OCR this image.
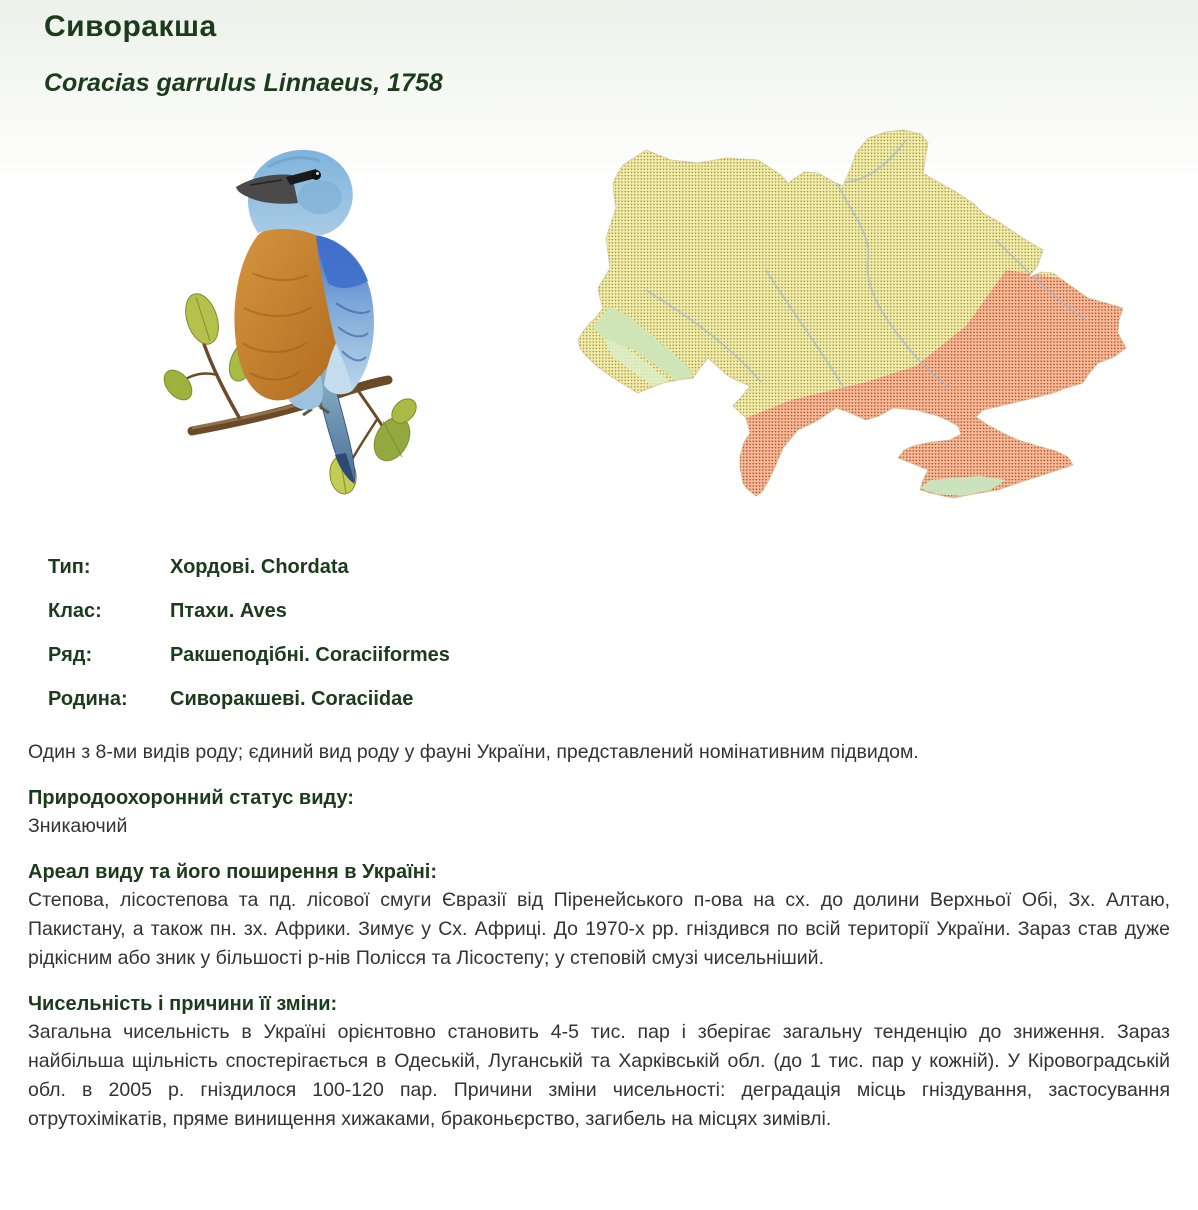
Сиворакша
Coracias garrulus Linnaeus, 1758
Тип:	Хордові. Chordata
Клас:	Птахи. Aves
Ряд:	Ракшеподібні. Coraciiformes
Родина:	Сиворакшеві. Coraciidae

Один з 8-ми видів роду; єдиний вид роду у фауні України, представлений номінативним підвидом.

Природоохоронний статус виду:

Зникаючий

Ареал виду та його поширення в Україні:

Степова, лісостепова та пд. лісової смуги Євразії від Піренейського п-ова на сх. до долини Верхньої Обі, Зх. Алтаю, Пакистану, а також пн. зх. Африки. Зимує у Сх. Африці. До 1970-х рр. гніздився по всій території України. Зараз став дуже рідкісним або зник у більшості р-нів Полісся та Лісостепу; у степовій смузі чисельніший.

Чисельність і причини її зміни:

Загальна чисельність в Україні орієнтовно становить 4-5 тис. пар і зберігає загальну тенденцію до зниження. Зараз найбільша щільність спостерігається в Одеській, Луганській та Харківській обл. (до 1 тис. пар у кожній). У Кіровоградській обл. в 2005 р. гніздилося 100-120 пар. Причини зміни чисельності: деградація місць гніздування, застосування отрутохімікатів, пряме винищення хижаками, браконьєрство, загибель на місцях зимівлі.
